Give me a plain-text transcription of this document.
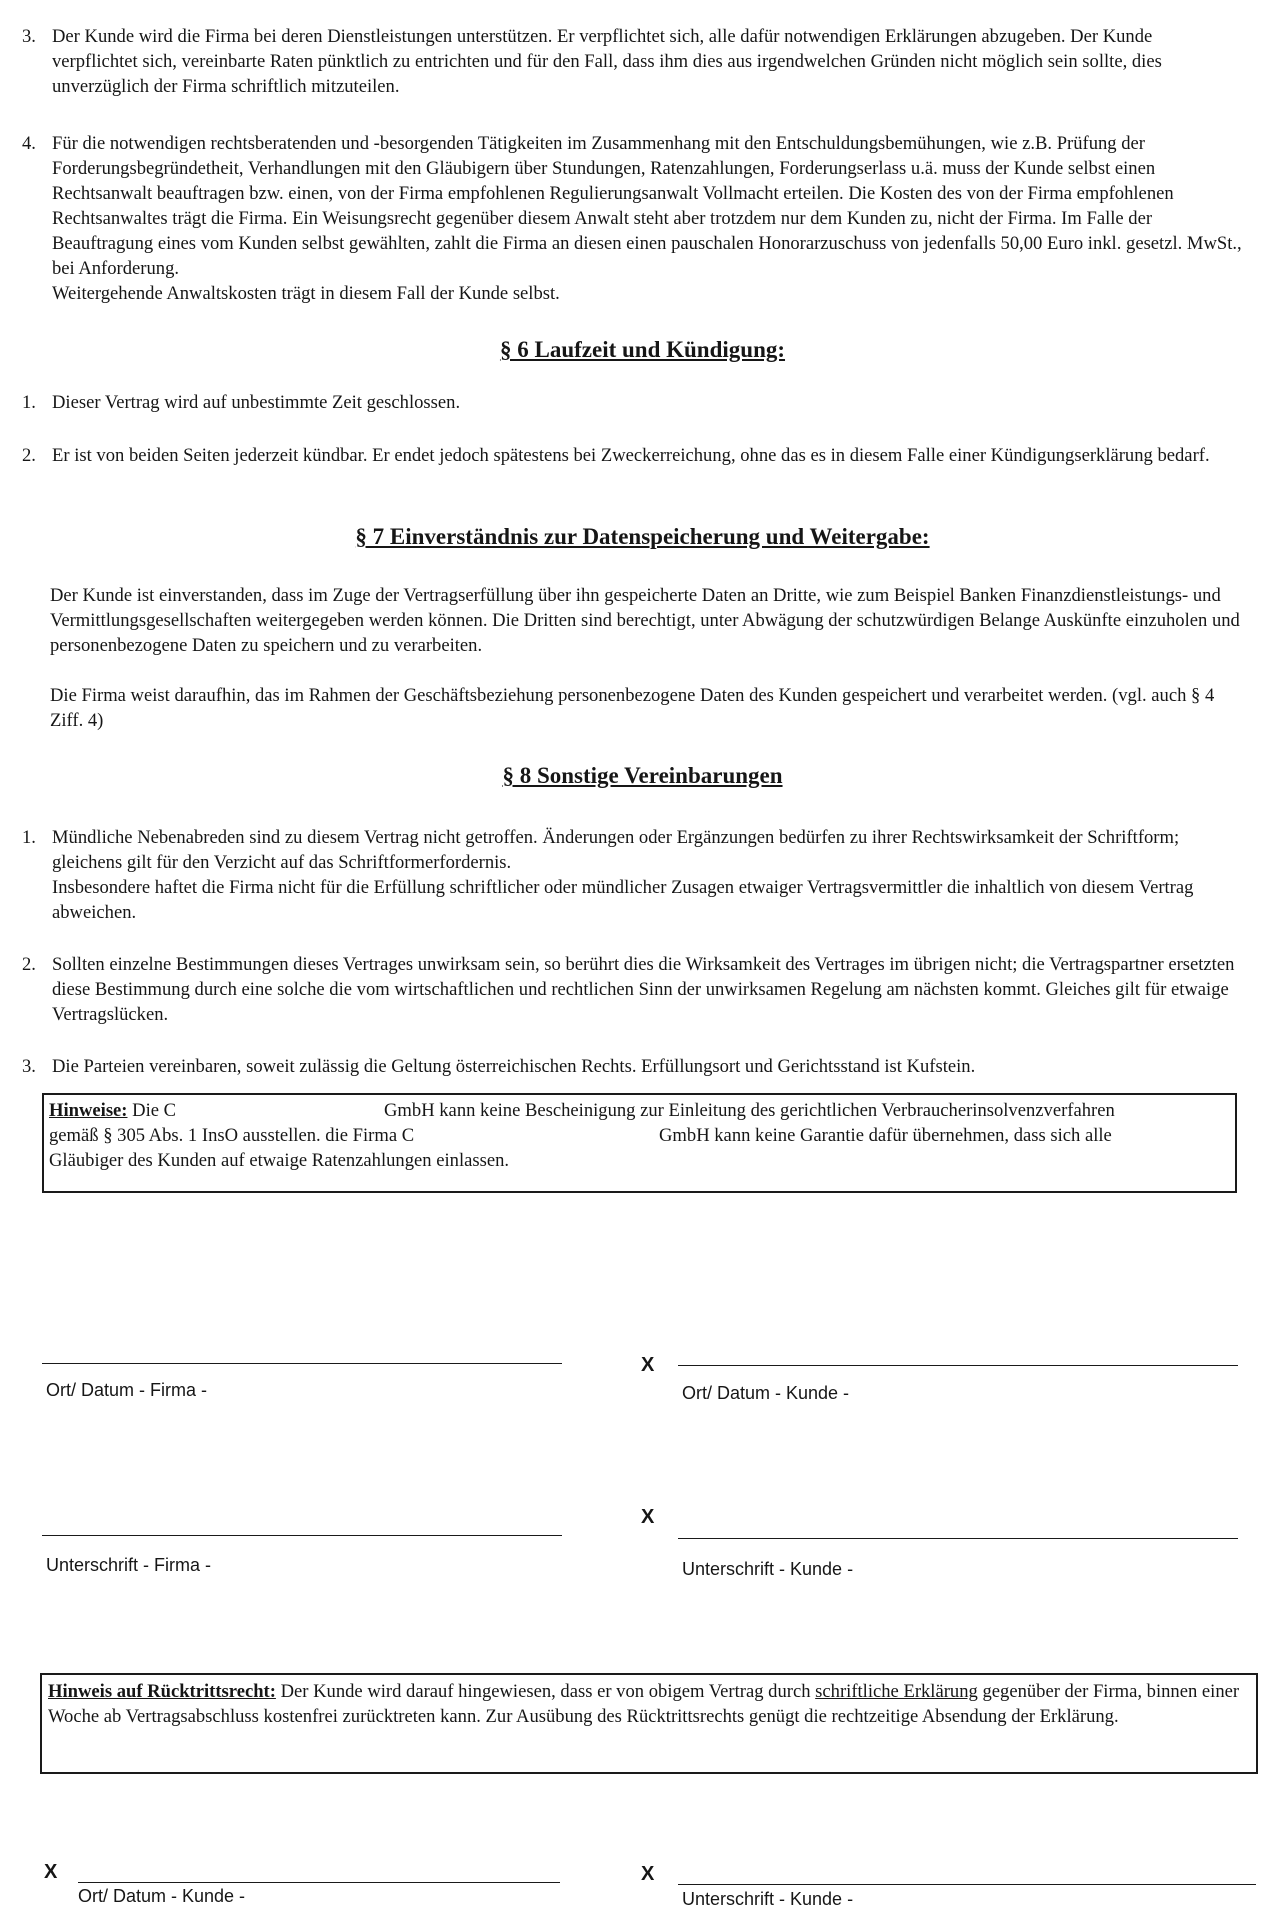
3. Der Kunde wird die Firma bei deren Dienstleistungen unterstützen. Er verpflichtet sich, alle dafür notwendigen Erklärungen abzugeben. Der Kunde verpflichtet sich, vereinbarte Raten pünktlich zu entrichten und für den Fall, dass ihm dies aus irgendwelchen Gründen nicht möglich sein sollte, dies unverzüglich der Firma schriftlich mitzuteilen.

4. Für die notwendigen rechtsberatenden und -besorgenden Tätigkeiten im Zusammenhang mit den Entschuldungsbemühungen, wie z.B. Prüfung der Forderungsbegründetheit, Verhandlungen mit den Gläubigern über Stundungen, Ratenzahlungen, Forderungserlass u.ä. muss der Kunde selbst einen Rechtsanwalt beauftragen bzw. einen, von der Firma empfohlenen Regulierungsanwalt Vollmacht erteilen. Die Kosten des von der Firma empfohlenen Rechtsanwaltes trägt die Firma. Ein Weisungsrecht gegenüber diesem Anwalt steht aber trotzdem nur dem Kunden zu, nicht der Firma. Im Falle der Beauftragung eines vom Kunden selbst gewählten, zahlt die Firma an diesen einen pauschalen Honorarzuschuss von jedenfalls 50,00 Euro inkl. gesetzl. MwSt., bei Anforderung.

Weitergehende Anwaltskosten trägt in diesem Fall der Kunde selbst.

§ 6 Laufzeit und Kündigung:
1. Dieser Vertrag wird auf unbestimmte Zeit geschlossen.

2. Er ist von beiden Seiten jederzeit kündbar. Er endet jedoch spätestens bei Zweckerreichung, ohne das es in diesem Falle einer Kündigungserklärung bedarf.

§ 7 Einverständnis zur Datenspeicherung und Weitergabe:
Der Kunde ist einverstanden, dass im Zuge der Vertragserfüllung über ihn gespeicherte Daten an Dritte, wie zum Beispiel Banken Finanzdienstleistungs- und Vermittlungsgesellschaften weitergegeben werden können. Die Dritten sind berechtigt, unter Abwägung der schutzwürdigen Belange Auskünfte einzuholen und personenbezogene Daten zu speichern und zu verarbeiten.
Die Firma weist daraufhin, das im Rahmen der Geschäftsbeziehung personenbezogene Daten des Kunden gespeichert und verarbeitet werden. (vgl. auch § 4 Ziff. 4)
§ 8 Sonstige Vereinbarungen
1. Mündliche Nebenabreden sind zu diesem Vertrag nicht getroffen. Änderungen oder Ergänzungen bedürfen zu ihrer Rechtswirksamkeit der Schriftform; gleichens gilt für den Verzicht auf das Schriftformerfordernis.

Insbesondere haftet die Firma nicht für die Erfüllung schriftlicher oder mündlicher Zusagen etwaiger Vertragsvermittler die inhaltlich von diesem Vertrag abweichen.

2. Sollten einzelne Bestimmungen dieses Vertrages unwirksam sein, so berührt dies die Wirksamkeit des Vertrages im übrigen nicht; die Vertragspartner ersetzten diese Bestimmung durch eine solche die vom wirtschaftlichen und rechtlichen Sinn der unwirksamen Regelung am nächsten kommt. Gleiches gilt für etwaige Vertragslücken.

3. Die Parteien vereinbaren, soweit zulässig die Geltung österreichischen Rechts. Erfüllungsort und Gerichtsstand ist Kufstein.

Hinweise: Die C	GmbH kann keine Bescheinigung zur Einleitung des gerichtlichen Verbraucherinsolvenzverfahren
gemäß § 305 Abs. 1 InsO ausstellen. die Firma C	GmbH kann keine Garantie dafür übernehmen, dass sich alle
Gläubiger des Kunden auf etwaige Ratenzahlungen einlassen.
X
Ort/ Datum - Firma -	Ort/ Datum - Kunde -
X
Unterschrift - Firma -	Unterschrift - Kunde -
Hinweis auf Rücktrittsrecht: Der Kunde wird darauf hingewiesen, dass er von obigem Vertrag durch schriftliche Erklärung gegenüber der Firma, binnen einer Woche ab Vertragsabschluss kostenfrei zurücktreten kann. Zur Ausübung des Rücktrittsrechts genügt die rechtzeitige Absendung der Erklärung.
X	X
Ort/ Datum - Kunde -	Unterschrift - Kunde -
